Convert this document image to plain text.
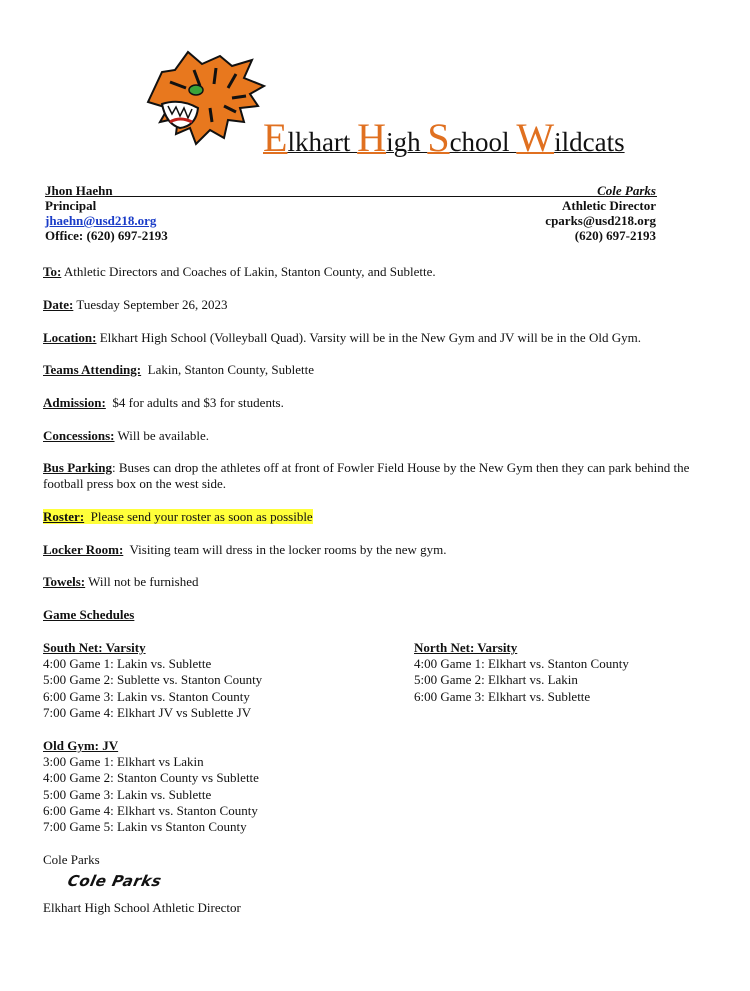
Elkhart High School Wildcats
Jhon Haehn
Principal
jhaehn@usd218.org
Office: (620) 697-2193
Cole Parks
Athletic Director
cparks@usd218.org
(620) 697-2193
To: Athletic Directors and Coaches of Lakin, Stanton County, and Sublette.
Date: Tuesday September 26, 2023
Location: Elkhart High School (Volleyball Quad). Varsity will be in the New Gym and JV will be in the Old Gym.
Teams Attending: Lakin, Stanton County, Sublette
Admission: $4 for adults and $3 for students.
Concessions: Will be available.
Bus Parking: Buses can drop the athletes off at front of Fowler Field House by the New Gym then they can park behind the football press box on the west side.
Roster: Please send your roster as soon as possible
Locker Room: Visiting team will dress in the locker rooms by the new gym.
Towels: Will not be furnished
Game Schedules
South Net: Varsity
4:00 Game 1: Lakin vs. Sublette
5:00 Game 2: Sublette vs. Stanton County
6:00 Game 3: Lakin vs. Stanton County
7:00 Game 4: Elkhart JV vs Sublette JV
North Net: Varsity
4:00 Game 1: Elkhart vs. Stanton County
5:00 Game 2: Elkhart vs. Lakin
6:00 Game 3: Elkhart vs. Sublette
Old Gym: JV
3:00 Game 1: Elkhart vs Lakin
4:00 Game 2: Stanton County vs Sublette
5:00 Game 3: Lakin vs. Sublette
6:00 Game 4: Elkhart vs. Stanton County
7:00 Game 5: Lakin vs Stanton County
Cole Parks
Cole Parks
Elkhart High School Athletic Director
